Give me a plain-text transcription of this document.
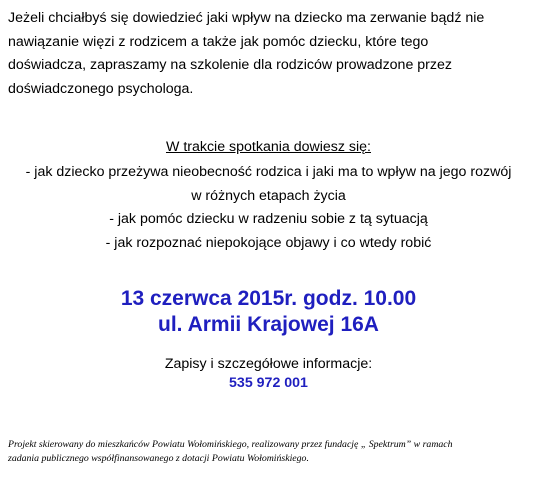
Jeżeli chciałbyś się dowiedzieć jaki wpływ na dziecko ma zerwanie bądź nie
nawiązanie więzi z rodzicem a także jak pomóc dziecku, które tego
doświadcza, zapraszamy na szkolenie dla rodziców prowadzone przez
doświadczonego psychologa.

W trakcie spotkania dowiesz się:

- jak dziecko przeżywa nieobecność rodzica i jaki ma to wpływ na jego rozwój
w różnych etapach życia
- jak pomóc dziecku w radzeniu sobie z tą sytuacją
- jak rozpoznać niepokojące objawy i co wtedy robić
13 czerwca 2015r. godz. 10.00
ul. Armii Krajowej 16A
Zapisy i szczegółowe informacje:
535 972 001

Projekt skierowany do mieszkańców Powiatu Wołomińskiego, realizowany przez fundację „ Spektrum” w ramach
zadania publicznego współfinansowanego z dotacji Powiatu Wołomińskiego.
